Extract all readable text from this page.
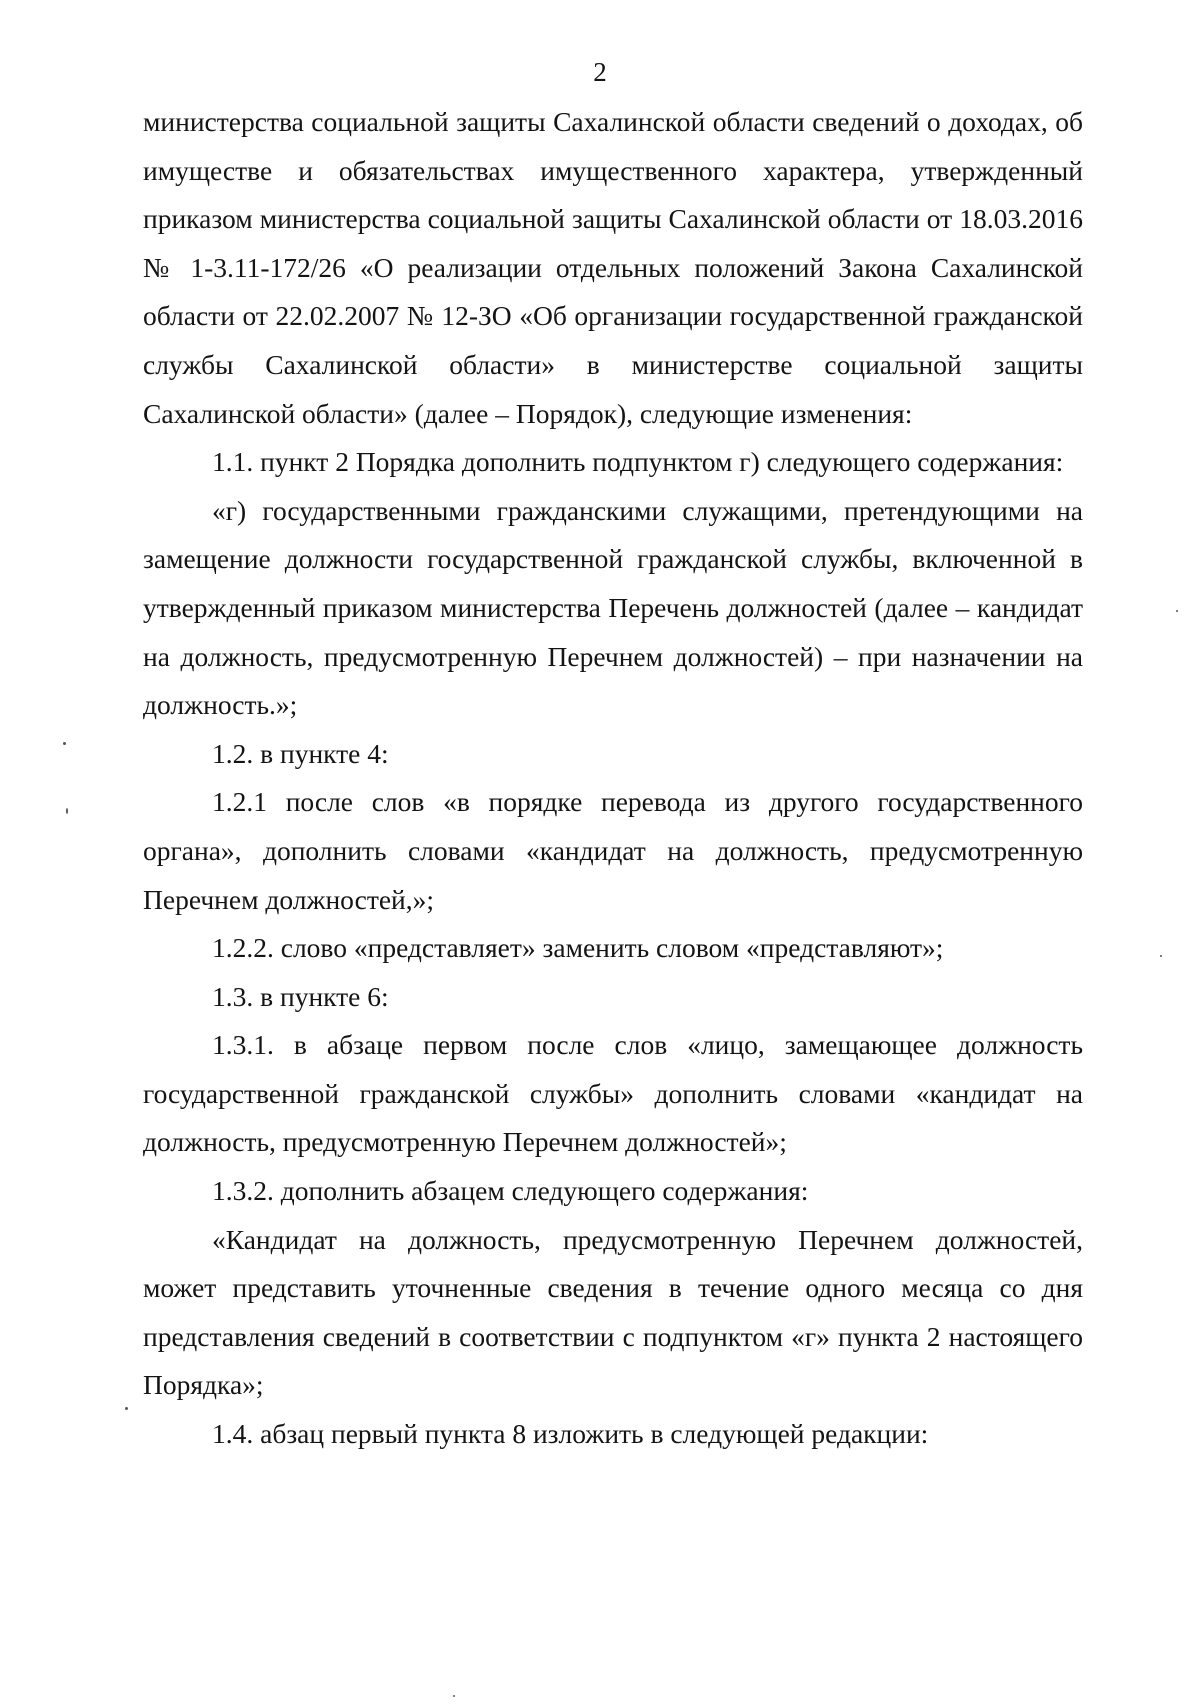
2

министерства социальной защиты Сахалинской области сведений о доходах, об имуществе и обязательствах имущественного характера, утвержденный приказом министерства социальной защиты Сахалинской области от 18.03.2016 № 1-3.11-172/26 «О реализации отдельных положений Закона Сахалинской области от 22.02.2007 № 12-ЗО «Об организации государственной гражданской службы Сахалинской области» в министерстве социальной защиты Сахалинской области» (далее – Порядок), следующие изменения:

1.1. пункт 2 Порядка дополнить подпунктом г) следующего содержания:

«г) государственными гражданскими служащими, претендующими на замещение должности государственной гражданской службы, включенной в утвержденный приказом министерства Перечень должностей (далее – кандидат на должность, предусмотренную Перечнем должностей) – при назначении на должность.»;

1.2. в пункте 4:

1.2.1 после слов «в порядке перевода из другого государственного органа», дополнить словами «кандидат на должность, предусмотренную Перечнем должностей,»;

1.2.2. слово «представляет» заменить словом «представляют»;

1.3. в пункте 6:

1.3.1. в абзаце первом после слов «лицо, замещающее должность государственной гражданской службы» дополнить словами «кандидат на должность, предусмотренную Перечнем должностей»;

1.3.2. дополнить абзацем следующего содержания:

«Кандидат на должность, предусмотренную Перечнем должностей, может представить уточненные сведения в течение одного месяца со дня представления сведений в соответствии с подпунктом «г» пункта 2 настоящего Порядка»;

1.4. абзац первый пункта 8 изложить в следующей редакции:
